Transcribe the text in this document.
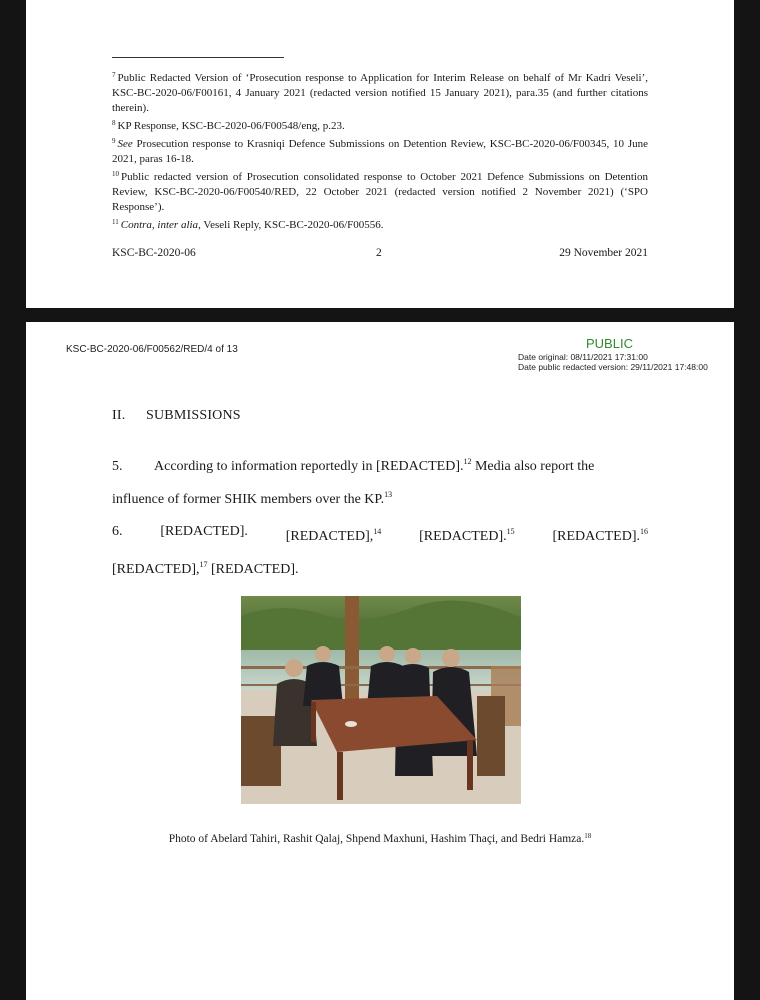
$^7$ Public Redacted Version of ‘Prosecution response to Application for Interim Release on behalf of Mr Kadri Veseli’, KSC-BC-2020-06/F00161, 4 January 2021 (redacted version notified 15 January 2021), para.35 (and further citations therein).

$^8$ KP Response, KSC-BC-2020-06/F00548/eng, p.23.

$^9$ See Prosecution response to Krasniqi Defence Submissions on Detention Review, KSC-BC-2020-06/F00345, 10 June 2021, paras 16-18.

$^{10}$ Public redacted version of Prosecution consolidated response to October 2021 Defence Submissions on Detention Review, KSC-BC-2020-06/F00540/RED, 22 October 2021 (redacted version notified 2 November 2021) (‘SPO Response’).

$^{11}$ Contra, inter alia, Veseli Reply, KSC-BC-2020-06/F00556.

KSC-BC-2020-06	2	29 November 2021
KSC-BC-2020-06/F00562/RED/4 of 13	PUBLIC
Date original: 08/11/2021 17:31:00
Date public redacted version: 29/11/2021 17:48:00
II. SUBMISSIONS
5. According to information reportedly in [REDACTED].$^{12}$ Media also report the
influence of former SHIK members over the KP.$^{13}$
6.	[REDACTED].	[REDACTED],$^{14}$	[REDACTED].$^{15}$	[REDACTED].$^{16}$
[REDACTED],$^{17}$ [REDACTED].
Photo of Abelard Tahiri, Rashit Qalaj, Shpend Maxhuni, Hashim Thaçi, and Bedri Hamza.$^{18}$
